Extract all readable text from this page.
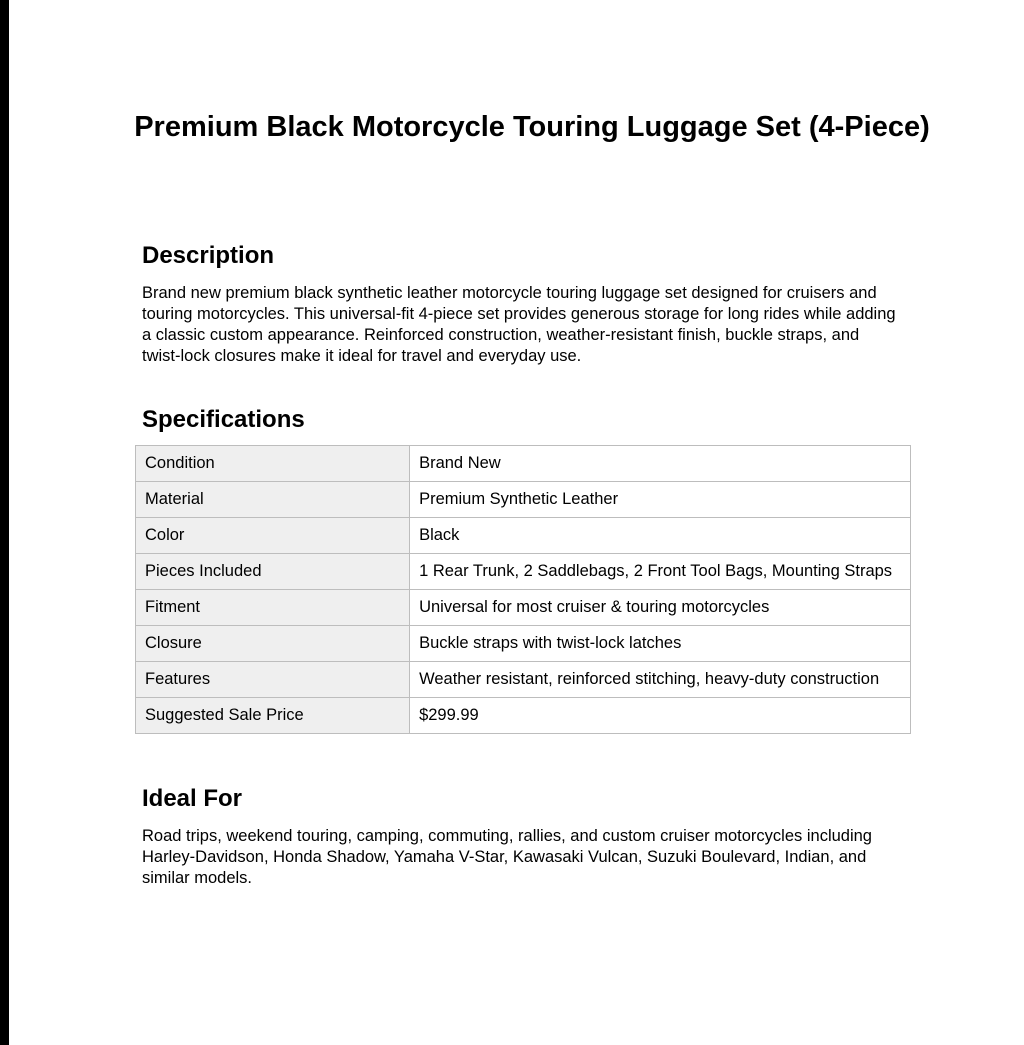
Premium Black Motorcycle Touring Luggage Set (4-Piece)
Description

Brand new premium black synthetic leather motorcycle touring luggage set designed for cruisers and touring motorcycles. This universal-fit 4-piece set provides generous storage for long rides while adding a classic custom appearance. Reinforced construction, weather-resistant finish, buckle straps, and twist-lock closures make it ideal for travel and everyday use.

Specifications
Condition	Brand New
Material	Premium Synthetic Leather
Color	Black
Pieces Included	1 Rear Trunk, 2 Saddlebags, 2 Front Tool Bags, Mounting Straps
Fitment	Universal for most cruiser & touring motorcycles
Closure	Buckle straps with twist-lock latches
Features	Weather resistant, reinforced stitching, heavy-duty construction
Suggested Sale Price	$299.99
Ideal For

Road trips, weekend touring, camping, commuting, rallies, and custom cruiser motorcycles including Harley-Davidson, Honda Shadow, Yamaha V-Star, Kawasaki Vulcan, Suzuki Boulevard, Indian, and similar models.
